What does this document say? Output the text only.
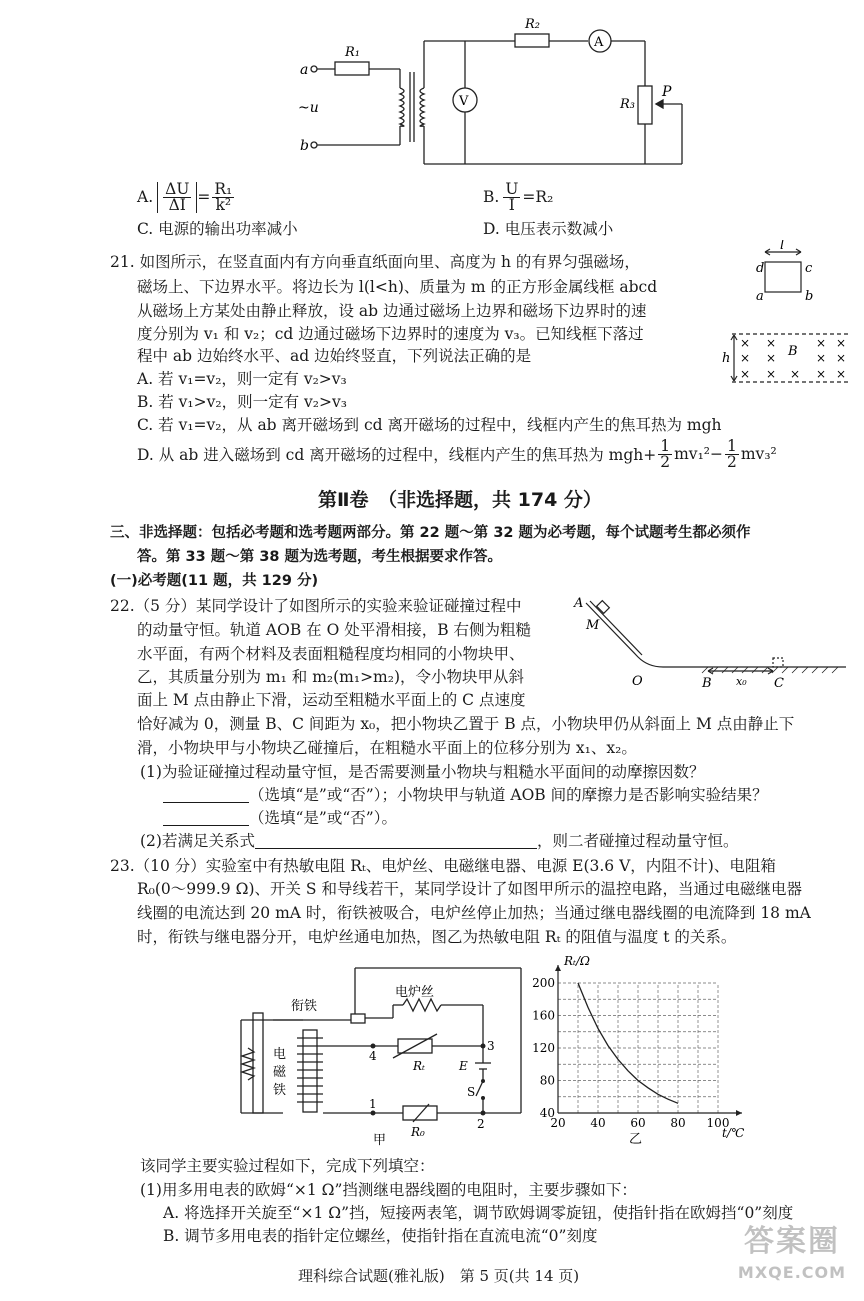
a
b
~u
R₁
R₂
R₃
P
V
A
A. $\frac{\Delta U}{\Delta I} = \frac{\text{R₁}}{\text{k²}}$	B. $\frac{U}{I} =R_2$
C. 电源的输出功率减小	D. 电压表示数减小
21. 如图所示，在竖直面内有方向垂直纸面向里、高度为 h 的有界匀强磁场，
磁场上、下边界水平。将边长为 l(l<h)、质量为 m 的正方形金属线框 abcd
从磁场上方某处由静止释放，设 ab 边通过磁场上边界和磁场下边界时的速
度分别为 v₁ 和 v₂；cd 边通过磁场下边界时的速度为 v₃。已知线框下落过
程中 ab 边始终水平、ad 边始终竖直，下列说法正确的是
A. 若 v₁=v₂，则一定有 v₂>v₃
B. 若 v₁>v₂，则一定有 v₂>v₃
C. 若 v₁=v₂，从 ab 离开磁场到 cd 离开磁场的过程中，线框内产生的焦耳热为 mgh
D. 从 ab 进入磁场到 cd 离开磁场的过程中，线框内产生的焦耳热为 $mgh+ \frac{1}{2} mv_1^2- \frac{1}{2} mv_3^2$
l
d	c
a	b
h	B
× ×	× ×
× ×	× ×
× × × × ×
第Ⅱ卷　（非选择题，共 174 分）
三、非选择题：包括必考题和选考题两部分。第 22 题～第 32 题为必考题，每个试题考生都必须作
答。第 33 题～第 38 题为选考题，考生根据要求作答。
(一)必考题(11 题，共 129 分)
22.（5 分）某同学设计了如图所示的实验来验证碰撞过程中
的动量守恒。轨道 AOB 在 O 处平滑相接，B 右侧为粗糙
水平面，有两个材料及表面粗糙程度均相同的小物块甲、
乙，其质量分别为 m₁ 和 m₂(m₁>m₂)，令小物块甲从斜
面上 M 点由静止下滑，运动至粗糙水平面上的 C 点速度
恰好减为 0，测量 B、C 间距为 x₀，把小物块乙置于 B 点，小物块甲仍从斜面上 M 点由静止下
滑，小物块甲与小物块乙碰撞后，在粗糙水平面上的位移分别为 x₁、x₂。
(1)为验证碰撞过程动量守恒，是否需要测量小物块与粗糙水平面间的动摩擦因数？
（选填“是”或“否”）；小物块甲与轨道 AOB 间的摩擦力是否影响实验结果？
（选填“是”或“否”）。
(2)若满足关系式	，则二者碰撞过程动量守恒。
A
M
O	B	C
x₀
23.（10 分）实验室中有热敏电阻 Rₜ、电炉丝、电磁继电器、电源 E(3.6 V，内阻不计)、电阻箱
R₀(0～999.9 Ω)、开关 S 和导线若干，某同学设计了如图甲所示的温控电路，当通过电磁继电器
线圈的电流达到 20 mA 时，衔铁被吸合，电炉丝停止加热；当通过继电器线圈的电流降到 18 mA
时，衔铁与继电器分开，电炉丝通电加热，图乙为热敏电阻 Rₜ 的阻值与温度 t 的关系。
电炉丝
衔铁
电
磁
铁
Rₜ
R₀
E
S
1
2
3
4
甲
20 40 60 80 100
40
80
120
160
200
Rₜ/Ω
t/℃
乙
该同学主要实验过程如下，完成下列填空：
(1)用多用电表的欧姆“×1 Ω”挡测继电器线圈的电阻时，主要步骤如下：
A. 将选择开关旋至“×1 Ω”挡，短接两表笔，调节欧姆调零旋钮，使指针指在欧姆挡“0”刻度
B. 调节多用电表的指针定位螺丝，使指针指在直流电流“0”刻度
理科综合试题(雅礼版)　第 5 页(共 14 页)
答案圈
MXQE.COM
